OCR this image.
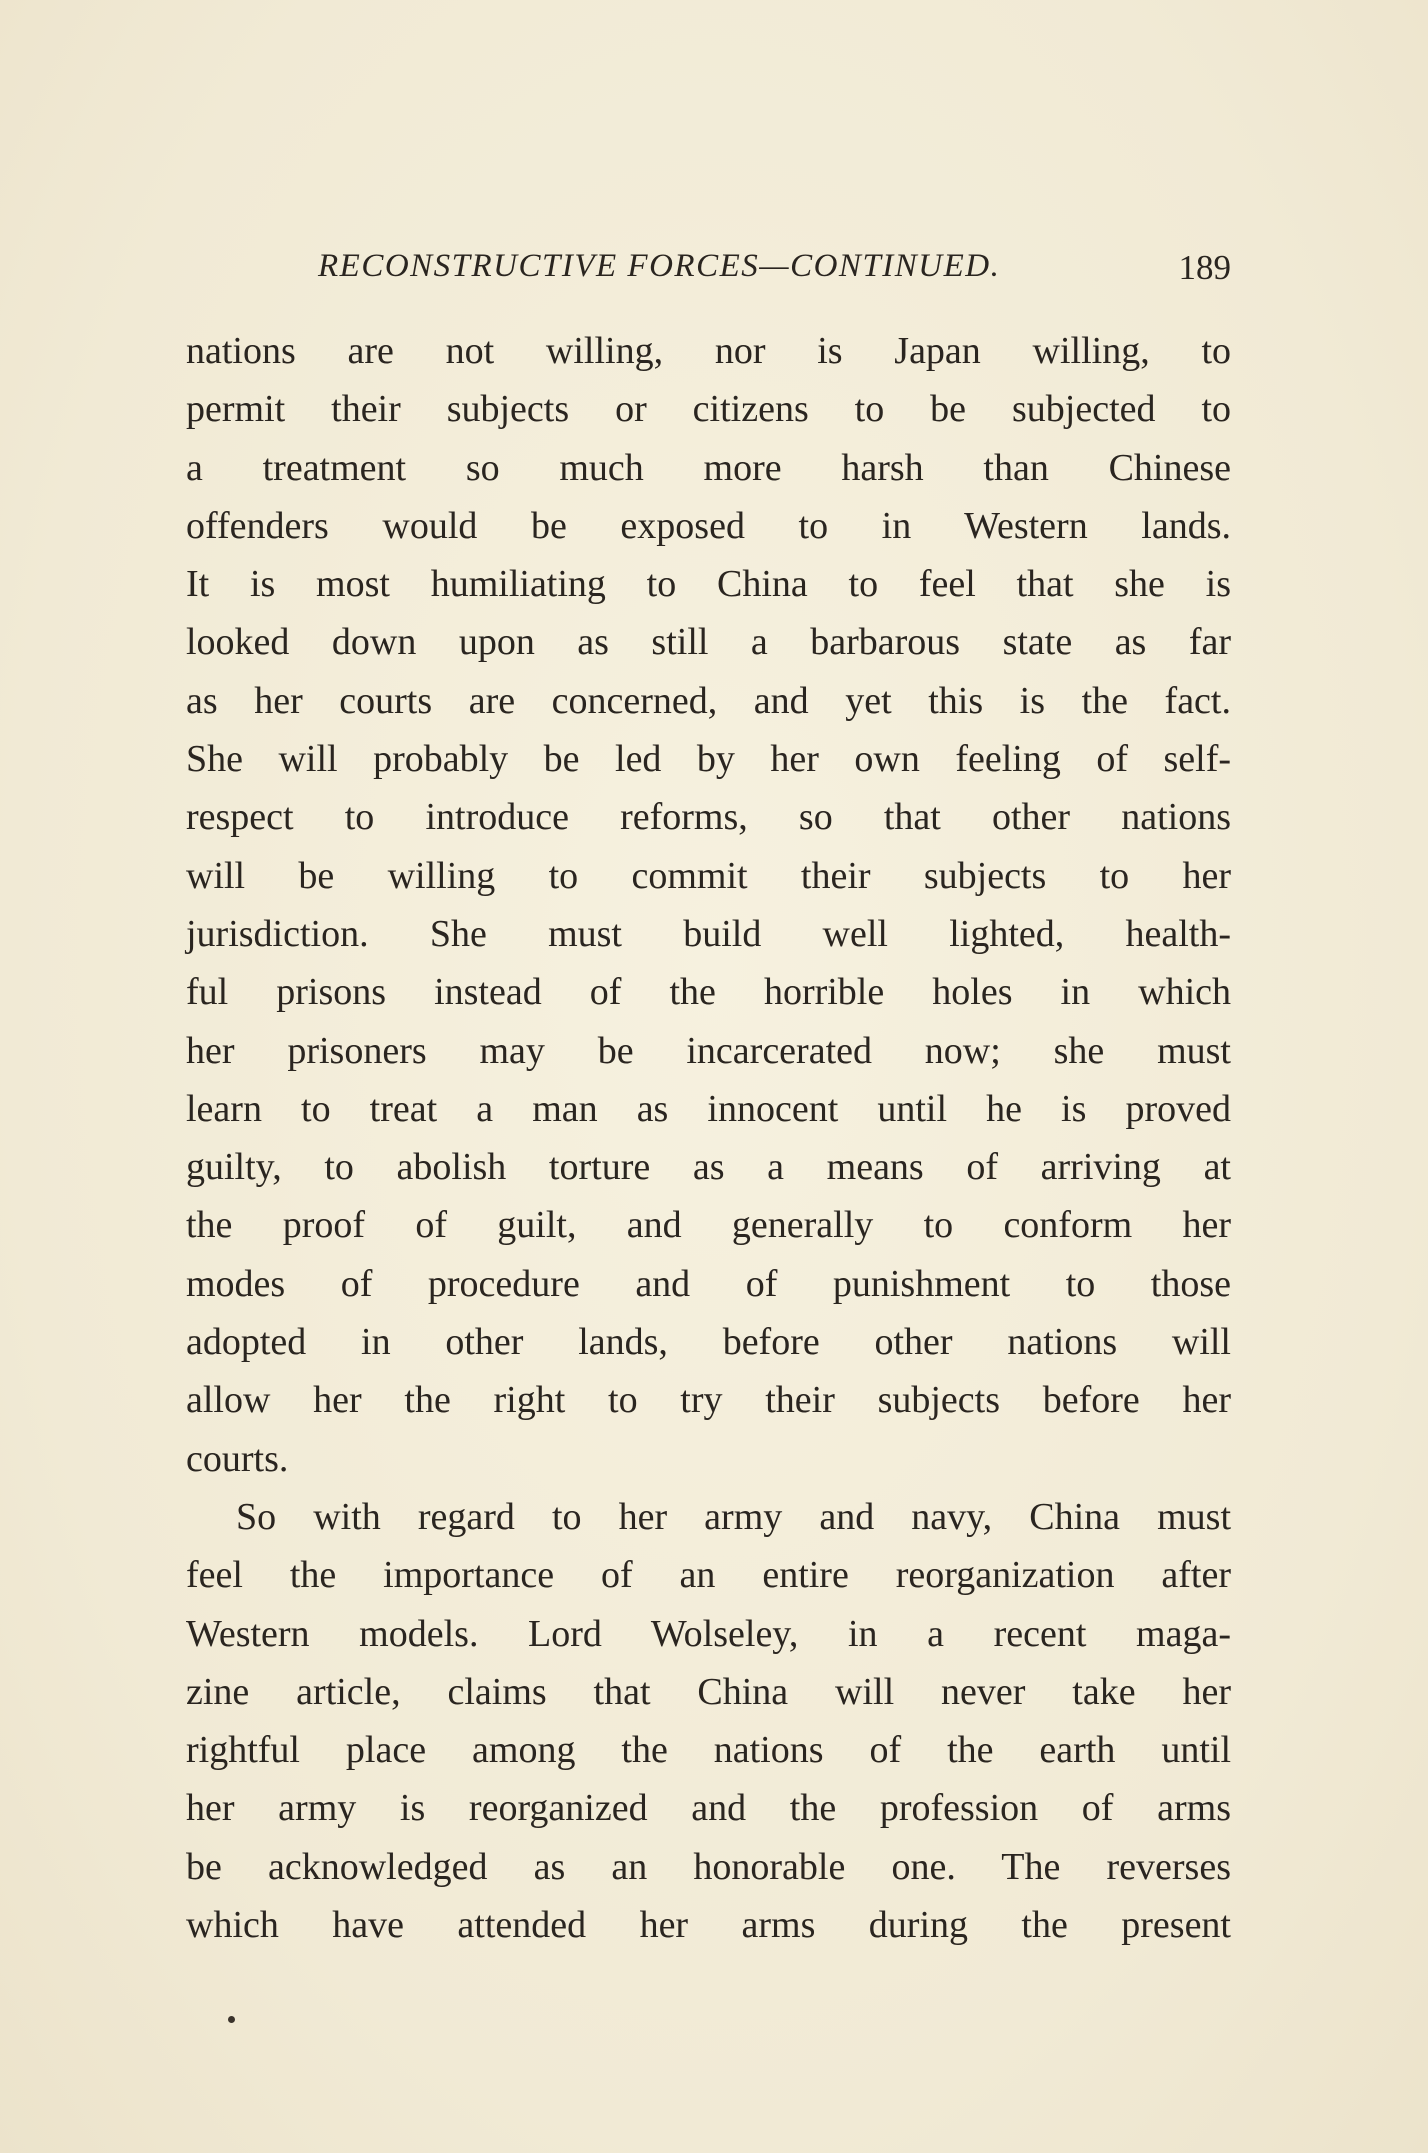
RECONSTRUCTIVE FORCES—CONTINUED.	189
nations are not willing, nor is Japan willing, to
permit their subjects or citizens to be subjected to
a treatment so much more harsh than Chinese
offenders would be exposed to in Western lands.
It is most humiliating to China to feel that she is
looked down upon as still a barbarous state as far
as her courts are concerned, and yet this is the fact.
She will probably be led by her own feeling of self-
respect to introduce reforms, so that other nations
will be willing to commit their subjects to her
jurisdiction. She must build well lighted, health-
ful prisons instead of the horrible holes in which
her prisoners may be incarcerated now; she must
learn to treat a man as innocent until he is proved
guilty, to abolish torture as a means of arriving at
the proof of guilt, and generally to conform her
modes of procedure and of punishment to those
adopted in other lands, before other nations will
allow her the right to try their subjects before her
courts.
So with regard to her army and navy, China must
feel the importance of an entire reorganization after
Western models. Lord Wolseley, in a recent maga-
zine article, claims that China will never take her
rightful place among the nations of the earth until
her army is reorganized and the profession of arms
be acknowledged as an honorable one. The reverses
which have attended her arms during the present
